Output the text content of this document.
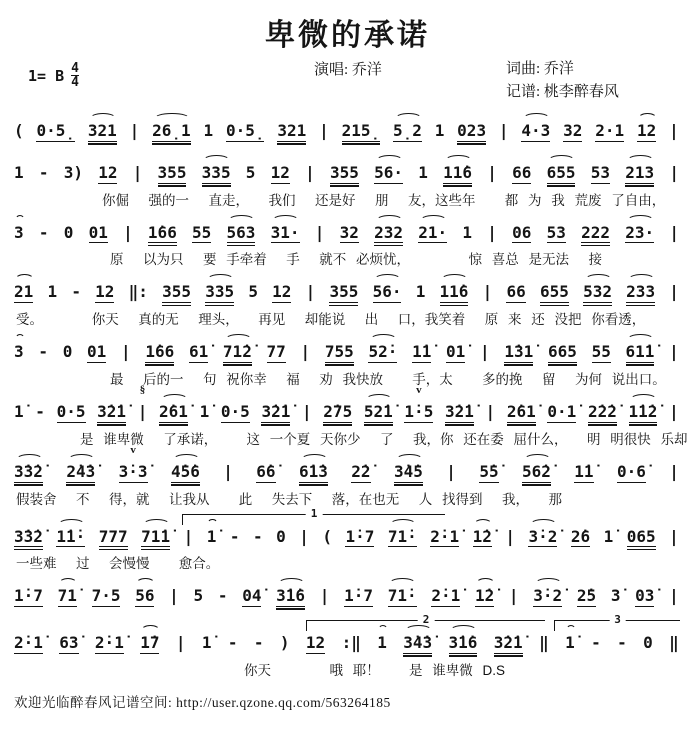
卑微的承诺
1= B $\frac{4}{4}$	演唱: 乔洋	词曲: 乔洋
记谱: 桃李醉春风
( 0·5̣ 321 | 26̣1 1 0·5̣ 321 | 215̣ 5̣2 1 023 | 4·3 32 2·1 12 |
1 - 3) 12 | 355 335 5 12 | 355 56· 1 11̇6 | 66 655 53 213 |
你倔  强的一  直走，  我们  还是好  朋  友，这些年   都 为 我 荒废 了自由，
3 - 0 01 | 1̇66 55 563 31· | 32 232 21· 1 | 06 53 222 23· |
原  以为只  要 手牵着  手  就不 必烦忧，      惊 喜总 是无法  接
21 1 - 12 ‖: 355 335 5 12 | 355 56· 1 11̇6 | 66 655 532 233 |
受。     你天  真的无  理头，  再见  却能说  出  口，我笑着  原 来 还 没把 你看透，
3 - 0 01 | 1̇66 61̇ 71̇2̇ 77 | 755 52̇· 1̇1̇ 01̇ | 1̇31̇ 665 55 61̇1̇ |
最  后的一  句 祝你幸  福  劝 我快放   手，太   多的挽  留  为何 说出口。
1̇ - 0·5 3̇2̇1̇ |
§
2̇61̇ 1̇ 0·5 3̇2̇1̇ | 2̇75 52̇1̇ 1̇·5
v
3̇2̇1̇ | 2̇61̇ 0·1̇ 2̇2̇2̇ 1̇1̇2̇ |
是 谁卑微  了承诺，   这 一个夏 天你少  了  我，你 还在委 屈什么，  明 明很快 乐却
3̇3̇2̇ 2̇4̇3̇ 3̇·3̇
v
4̇5̇6 | 6̇6̇ 6̇1̇3 2̇2̇ 3̇4̇5 | 5̇5̇ 56̇2̇ 1̇1̇ 0·6̇ |
假装舍  不  得，就  让我从   此  失去下  落，在也无  人 找得到  我，  那
1
3̇3̇2̇ 1̇1̇· 777 71̇1̇ | 1̇ - - 0 | ( 1̇·7 71̇· 2̇·1̇ 1̇2̇ | 3̇·2̇ 2̇6 1̇ 065 |
一些难  过  会慢慢   愈合。
1̇·7 71̇ 7·5 56 | 5 - 04̇ 3̇1̇6 | 1̇·7 71̇· 2̇·1̇ 1̇2̇ | 3̇·2̇ 2̇5 3̇ 03̇ |
2	3
2̇·1̇ 63̇ 2̇·1̇ 1̇7 | 1̇ - - ) 12 :‖ 1 3̇4̇3̇ 3̇1̇6 3̇2̇1̇ ‖ 1̇ - - 0 ‖
你天      哦 耶！   是 谁卑微 D.S
欢迎光临醉春风记谱空间: http://user.qzone.qq.com/563264185
